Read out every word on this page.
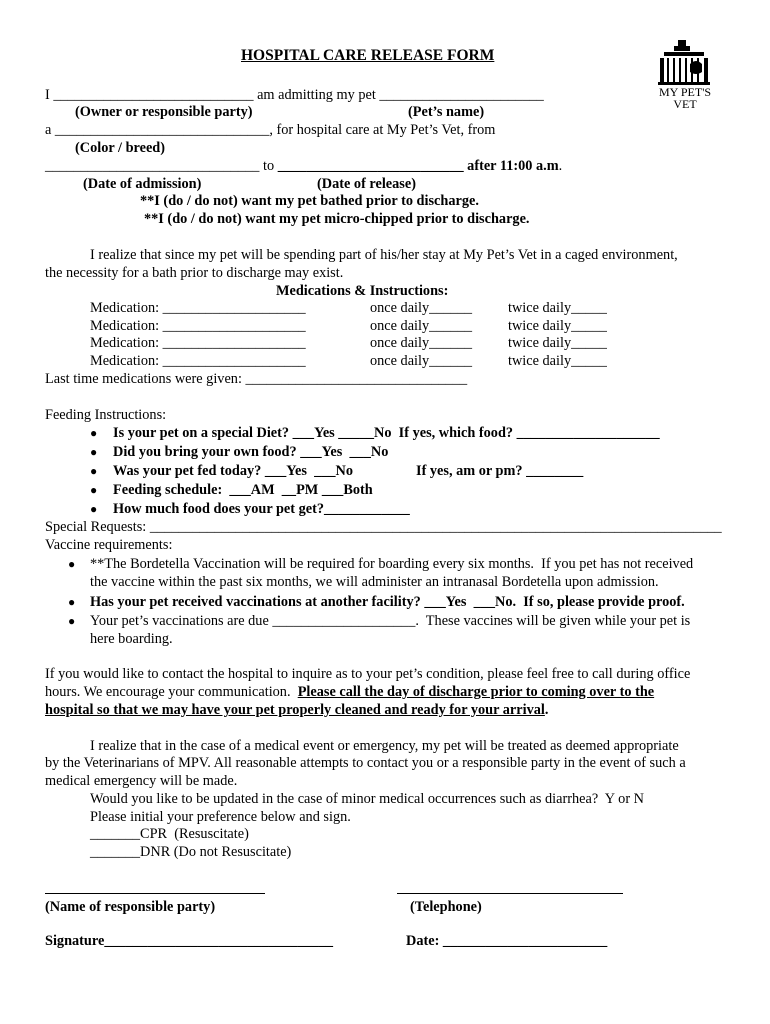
HOSPITAL CARE RELEASE FORM
MY PET'S
VET
I ____________________________ am admitting my pet _______________________
(Owner or responsible party)	(Pet’s name)
a ______________________________, for hospital care at My Pet’s Vet, from
(Color / breed)
______________________________ to __________________________ after 11:00 a.m.
(Date of admission)	(Date of release)
**I (do / do not) want my pet bathed prior to discharge.
**I (do / do not) want my pet micro-chipped prior to discharge.
I realize that since my pet will be spending part of his/her stay at My Pet’s Vet in a caged environment,
the necessity for a bath prior to discharge may exist.
Medications & Instructions:
Medication: ____________________	once daily______	twice daily_____
Medication: ____________________	once daily______	twice daily_____
Medication: ____________________	once daily______	twice daily_____
Medication: ____________________	once daily______	twice daily_____
Last time medications were given: _______________________________
Feeding Instructions:
● Is your pet on a special Diet? ___Yes _____No  If yes, which food? ____________________
● Did you bring your own food? ___Yes  ___No
● Was your pet fed today? ___Yes  ___No	If yes, am or pm? ________
● Feeding schedule:  ___AM  __PM ___Both
● How much food does your pet get?____________
Special Requests: ________________________________________________________________________________
Vaccine requirements:
● **The Bordetella Vaccination will be required for boarding every six months.  If you pet has not received
the vaccine within the past six months, we will administer an intranasal Bordetella upon admission.
● Has your pet received vaccinations at another facility? ___Yes  ___No.  If so, please provide proof.
● Your pet’s vaccinations are due ____________________.  These vaccines will be given while your pet is
here boarding.
If you would like to contact the hospital to inquire as to your pet’s condition, please feel free to call during office
hours. We encourage your communication.  Please call the day of discharge prior to coming over to the
hospital so that we may have your pet properly cleaned and ready for your arrival.
I realize that in the case of a medical event or emergency, my pet will be treated as deemed appropriate
by the Veterinarians of MPV. All reasonable attempts to contact you or a responsible party in the event of such a
medical emergency will be made.
Would you like to be updated in the case of minor medical occurrences such as diarrhea?  Y or N
Please initial your preference below and sign.
_______CPR  (Resuscitate)
_______DNR (Do not Resuscitate)
(Name of responsible party)	(Telephone)
Signature________________________________	Date: _______________________
